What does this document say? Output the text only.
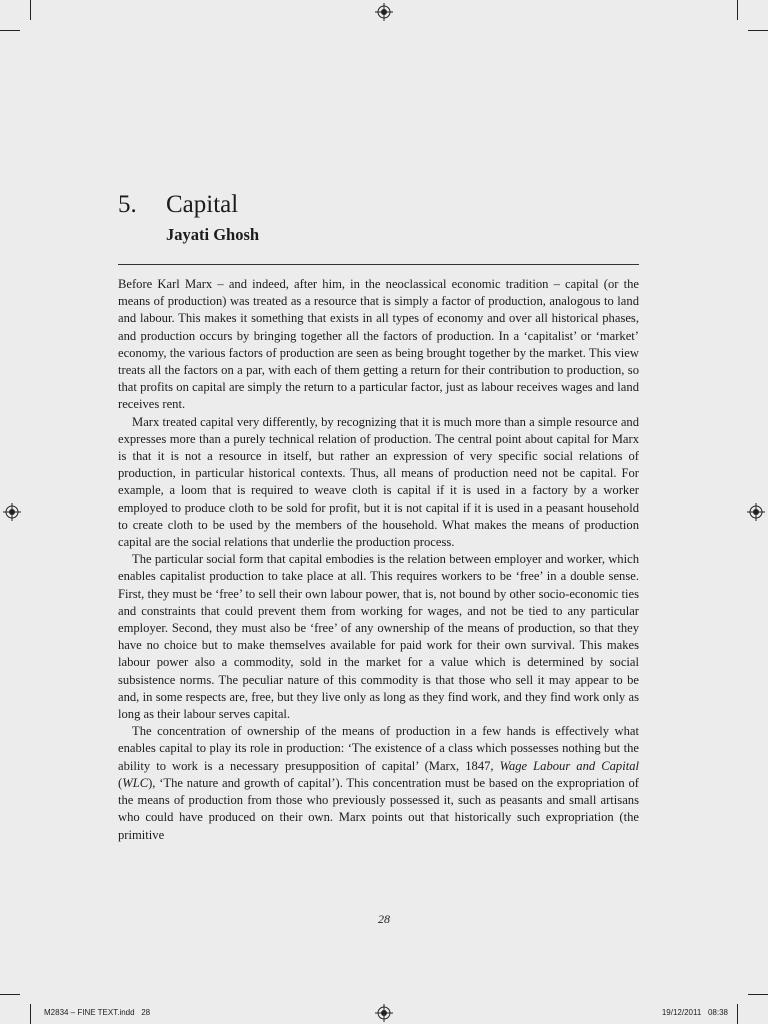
5. Capital
Jayati Ghosh

Before Karl Marx – and indeed, after him, in the neoclassical economic tradition – capital (or the means of production) was treated as a resource that is simply a factor of production, analogous to land and labour. This makes it something that exists in all types of economy and over all historical phases, and production occurs by bringing together all the factors of production. In a ‘capitalist’ or ‘market’ economy, the various factors of production are seen as being brought together by the market. This view treats all the factors on a par, with each of them getting a return for their contribution to production, so that profits on capital are simply the return to a particular factor, just as labour receives wages and land receives rent.

Marx treated capital very differently, by recognizing that it is much more than a simple resource and expresses more than a purely technical relation of production. The central point about capital for Marx is that it is not a resource in itself, but rather an expression of very specific social relations of production, in particular historical contexts. Thus, all means of production need not be capital. For example, a loom that is required to weave cloth is capital if it is used in a factory by a worker employed to produce cloth to be sold for profit, but it is not capital if it is used in a peasant household to create cloth to be used by the members of the household. What makes the means of production capital are the social relations that underlie the production process.

The particular social form that capital embodies is the relation between employer and worker, which enables capitalist production to take place at all. This requires workers to be ‘free’ in a double sense. First, they must be ‘free’ to sell their own labour power, that is, not bound by other socio-economic ties and constraints that could prevent them from working for wages, and not be tied to any particular employer. Second, they must also be ‘free’ of any ownership of the means of production, so that they have no choice but to make themselves available for paid work for their own survival. This makes labour power also a commodity, sold in the market for a value which is determined by social subsistence norms. The peculiar nature of this commodity is that those who sell it may appear to be and, in some respects are, free, but they live only as long as they find work, and they find work only as long as their labour serves capital.

The concentration of ownership of the means of production in a few hands is effectively what enables capital to play its role in production: ‘The existence of a class which possesses nothing but the ability to work is a necessary presupposition of capital’ (Marx, 1847, Wage Labour and Capital (WLC), ‘The nature and growth of capital’). This concentration must be based on the expropriation of the means of production from those who previously possessed it, such as peasants and small artisans who could have produced on their own. Marx points out that historically such expropriation (the primitive

28
M2834 – FINE TEXT.indd   28	19/12/2011   08:38
